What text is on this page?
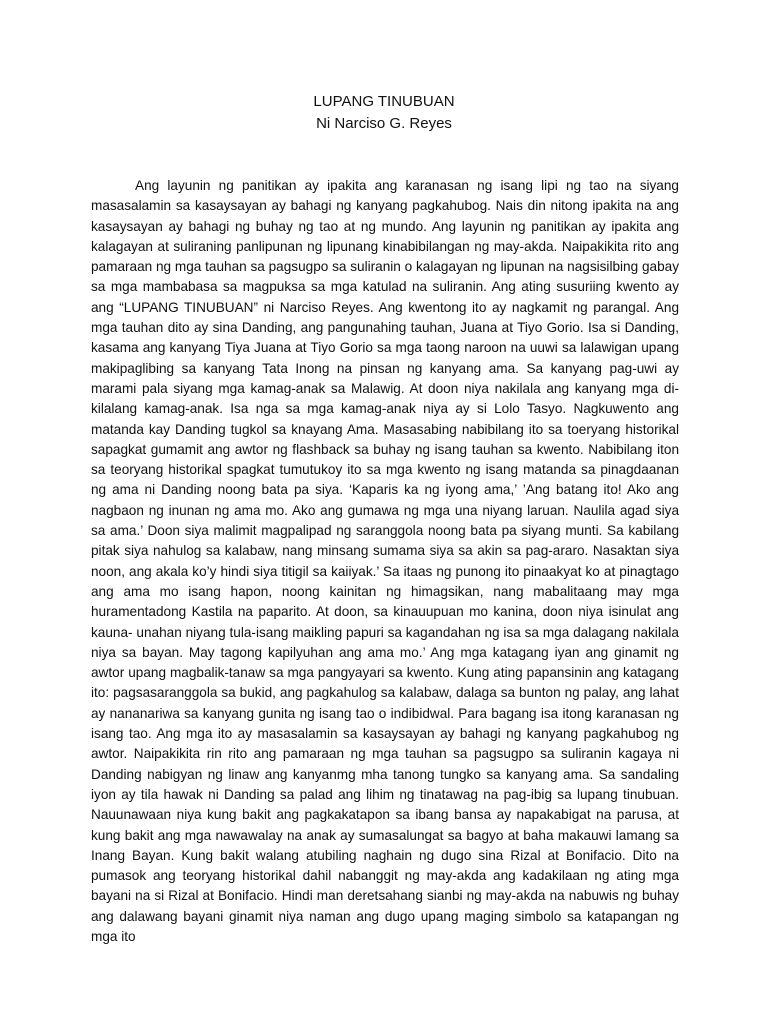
LUPANG TINUBUAN

Ni Narciso G. Reyes

Ang layunin ng panitikan ay ipakita ang karanasan ng isang lipi ng tao na siyang masasalamin sa kasaysayan ay bahagi ng kanyang pagkahubog. Nais din nitong ipakita na ang kasaysayan ay bahagi ng buhay ng tao at ng mundo. Ang layunin ng panitikan ay ipakita ang kalagayan at suliraning panlipunan ng lipunang kinabibilangan ng may-akda. Naipakikita rito ang pamaraan ng mga tauhan sa pagsugpo sa suliranin o kalagayan ng lipunan na nagsisilbing gabay sa mga mambabasa sa magpuksa sa mga katulad na suliranin. Ang ating susuriing kwento ay ang “LUPANG TINUBUAN” ni Narciso Reyes. Ang kwentong ito ay nagkamit ng parangal. Ang mga tauhan dito ay sina Danding, ang pangunahing tauhan, Juana at Tiyo Gorio. Isa si Danding, kasama ang kanyang Tiya Juana at Tiyo Gorio sa mga taong naroon na uuwi sa lalawigan upang makipaglibing sa kanyang Tata Inong na pinsan ng kanyang ama. Sa kanyang pag-uwi ay marami pala siyang mga kamag-anak sa Malawig. At doon niya nakilala ang kanyang mga di-kilalang kamag-anak. Isa nga sa mga kamag-anak niya ay si Lolo Tasyo. Nagkuwento ang matanda kay Danding tugkol sa knayang Ama. Masasabing nabibilang ito sa toeryang historikal sapagkat gumamit ang awtor ng flashback sa buhay ng isang tauhan sa kwento. Nabibilang iton sa teoryang historikal spagkat tumutukoy ito sa mga kwento ng isang matanda sa pinagdaanan ng ama ni Danding noong bata pa siya. ‘Kaparis ka ng iyong ama,’ ’Ang batang ito! Ako ang nagbaon ng inunan ng ama mo. Ako ang gumawa ng mga una niyang laruan. Naulila agad siya sa ama.’ Doon siya malimit magpalipad ng saranggola noong bata pa siyang munti. Sa kabilang pitak siya nahulog sa kalabaw, nang minsang sumama siya sa akin sa pag-araro. Nasaktan siya noon, ang akala ko’y hindi siya titigil sa kaiiyak.’ Sa itaas ng punong ito pinaakyat ko at pinagtago ang ama mo isang hapon, noong kainitan ng himagsikan, nang mabalitaang may mga huramentadong Kastila na paparito. At doon, sa kinauupuan mo kanina, doon niya isinulat ang kauna- unahan niyang tula-isang maikling papuri sa kagandahan ng isa sa mga dalagang nakilala niya sa bayan. May tagong kapilyuhan ang ama mo.’ Ang mga katagang iyan ang ginamit ng awtor upang magbalik-tanaw sa mga pangyayari sa kwento. Kung ating papansinin ang katagang ito: pagsasaranggola sa bukid, ang pagkahulog sa kalabaw, dalaga sa bunton ng palay, ang lahat ay nananariwa sa kanyang gunita ng isang tao o indibidwal. Para bagang isa itong karanasan ng isang tao. Ang mga ito ay masasalamin sa kasaysayan ay bahagi ng kanyang pagkahubog ng awtor. Naipakikita rin rito ang pamaraan ng mga tauhan sa pagsugpo sa suliranin kagaya ni Danding nabigyan ng linaw ang kanyanmg mha tanong tungko sa kanyang ama. Sa sandaling iyon ay tila hawak ni Danding sa palad ang lihim ng tinatawag na pag-ibig sa lupang tinubuan. Nauunawaan niya kung bakit ang pagkakatapon sa ibang bansa ay napakabigat na parusa, at kung bakit ang mga nawawalay na anak ay sumasalungat sa bagyo at baha makauwi lamang sa Inang Bayan. Kung bakit walang atubiling naghain ng dugo sina Rizal at Bonifacio. Dito na pumasok ang teoryang historikal dahil nabanggit ng may-akda ang kadakilaan ng ating mga bayani na si Rizal at Bonifacio. Hindi man deretsahang sianbi ng may-akda na nabuwis ng buhay ang dalawang bayani ginamit niya naman ang dugo upang maging simbolo sa katapangan ng mga ito
